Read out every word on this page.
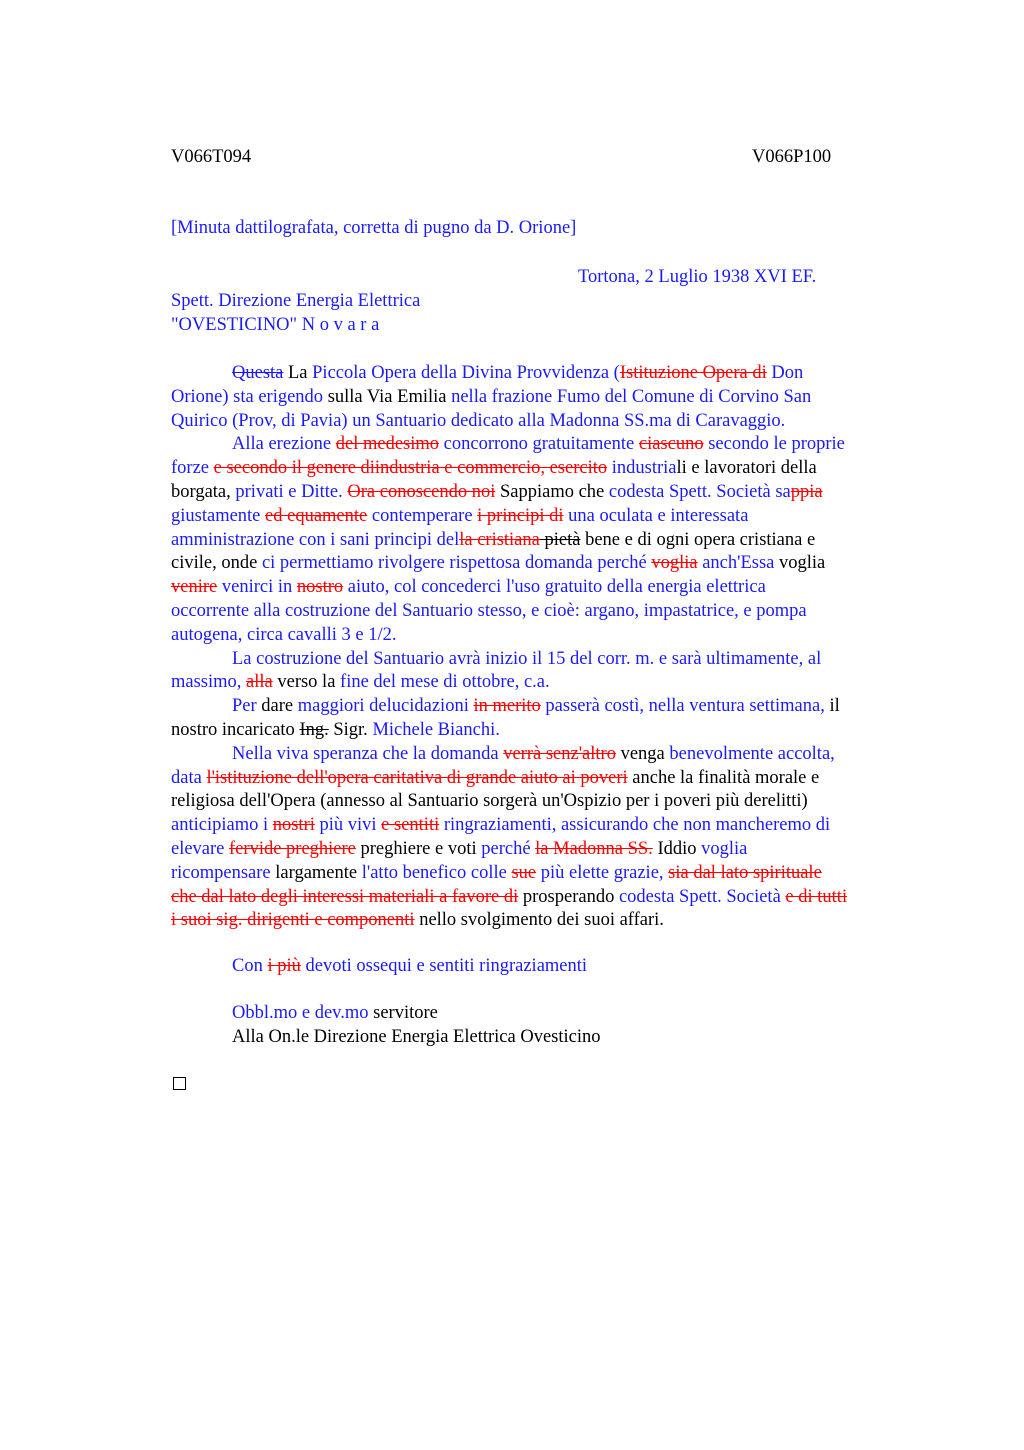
V066T094	V066P100
[Minuta dattilografata, corretta di pugno da D. Orione]
Tortona, 2 Luglio 1938 XVI EF.
Spett. Direzione Energia Elettrica
"OVESTICINO" N o v a r a
Questa La Piccola Opera della Divina Provvidenza (Istituzione Opera di Don
Orione) sta erigendo sulla Via Emilia nella frazione Fumo del Comune di Corvino San
Quirico (Prov, di Pavia) un Santuario dedicato alla Madonna SS.ma di Caravaggio.
Alla erezione del medesimo concorrono gratuitamente ciascuno secondo le proprie
forze e secondo il genere diindustria e commercio, esercito industriali e lavoratori della
borgata, privati e Ditte. Ora conoscendo noi Sappiamo che codesta Spett. Società sappia
giustamente ed equamente contemperare i principi di una oculata e interessata
amministrazione con i sani principi della cristiana pietà bene e di ogni opera cristiana e
civile, onde ci permettiamo rivolgere rispettosa domanda perché voglia anch'Essa voglia
venire venirci in nostro aiuto, col concederci l'uso gratuito della energia elettrica
occorrente alla costruzione del Santuario stesso, e cioè: argano, impastatrice, e pompa
autogena, circa cavalli 3 e 1/2.
La costruzione del Santuario avrà inizio il 15 del corr. m. e sarà ultimamente, al
massimo, alla verso la fine del mese di ottobre, c.a.
Per dare maggiori delucidazioni in merito passerà costì, nella ventura settimana, il
nostro incaricato Ing. Sigr. Michele Bianchi.
Nella viva speranza che la domanda verrà senz'altro venga benevolmente accolta,
data l'istituzione dell'opera caritativa di grande aiuto ai poveri anche la finalità morale e
religiosa dell'Opera (annesso al Santuario sorgerà un'Ospizio per i poveri più derelitti)
anticipiamo i nostri più vivi e sentiti ringraziamenti, assicurando che non mancheremo di
elevare fervide preghiere preghiere e voti perché la Madonna SS. Iddio voglia
ricompensare largamente l'atto benefico colle sue più elette grazie, sia dal lato spirituale
che dal lato degli interessi materiali a favore di prosperando codesta Spett. Società e di tutti
i suoi sig. dirigenti e componenti nello svolgimento dei suoi affari.
Con i più devoti ossequi e sentiti ringraziamenti
Obbl.mo e dev.mo servitore
Alla On.le Direzione Energia Elettrica Ovesticino
